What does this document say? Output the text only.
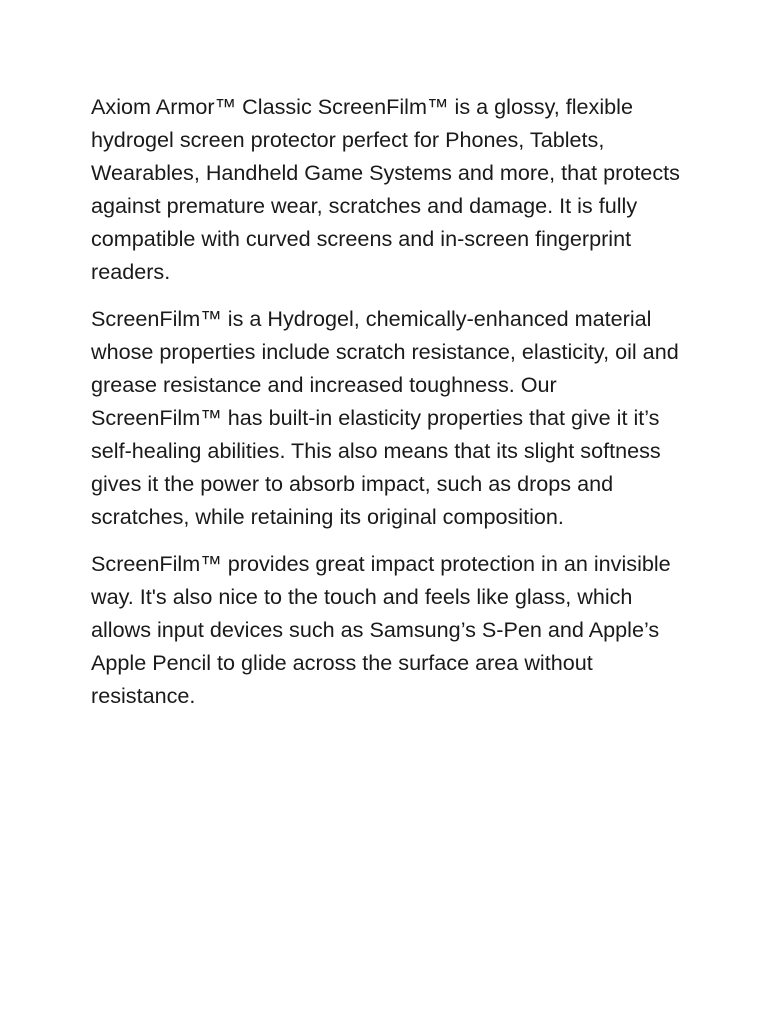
Axiom Armor™ Classic ScreenFilm™ is a glossy, flexible hydrogel screen protector perfect for Phones, Tablets, Wearables, Handheld Game Systems and more, that protects against premature wear, scratches and damage. It is fully compatible with curved screens and in-screen fingerprint readers.

ScreenFilm™ is a Hydrogel, chemically-enhanced material whose properties include scratch resistance, elasticity, oil and grease resistance and increased toughness. Our ScreenFilm™ has built-in elasticity properties that give it it’s self-healing abilities. This also means that its slight softness gives it the power to absorb impact, such as drops and scratches, while retaining its original composition.

ScreenFilm™ provides great impact protection in an invisible way. It's also nice to the touch and feels like glass, which allows input devices such as Samsung’s S-Pen and Apple’s Apple Pencil to glide across the surface area without resistance.
